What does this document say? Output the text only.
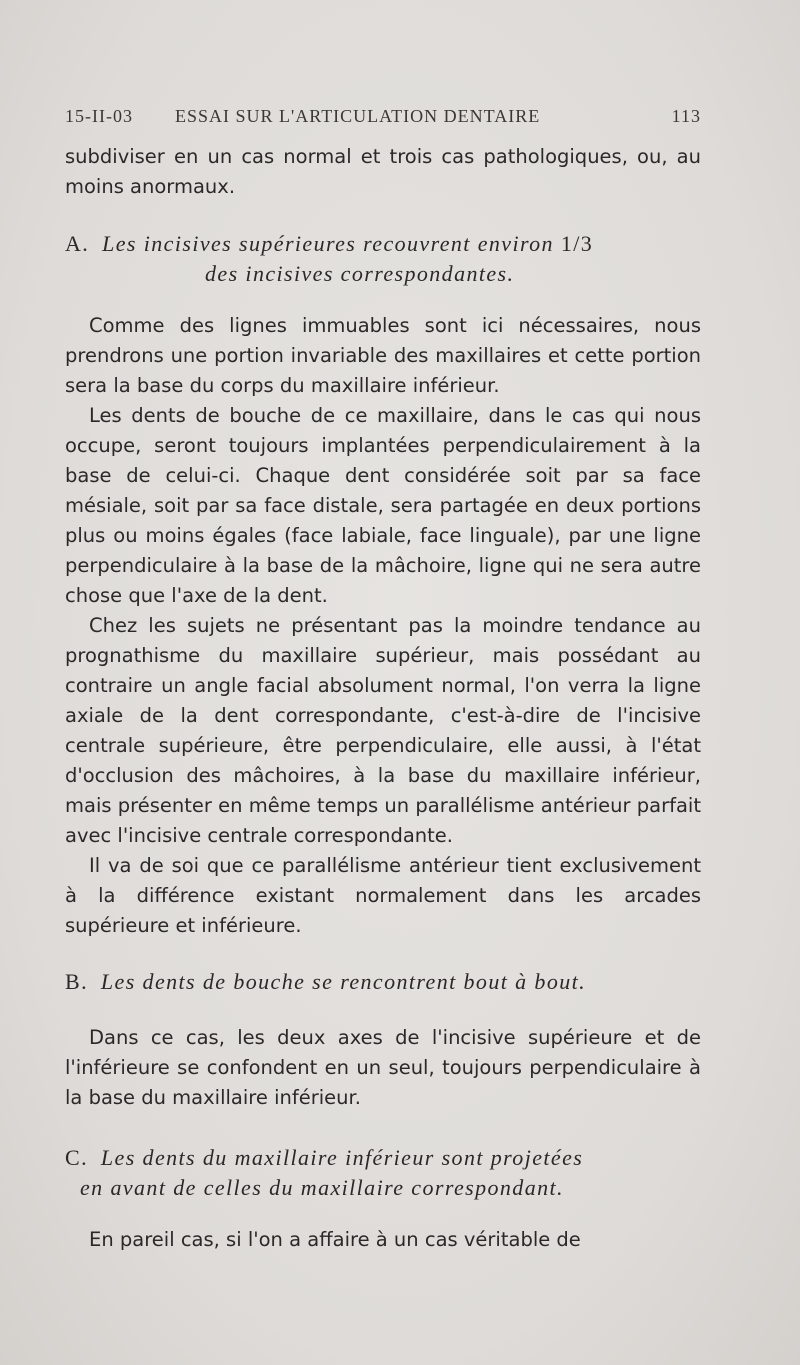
15-II-03 ESSAI SUR L'ARTICULATION DENTAIRE	113

subdiviser en un cas normal et trois cas pathologiques, ou, au moins anormaux.

A. Les incisives supérieures recouvrent environ 1/3
des incisives correspondantes.

Comme des lignes immuables sont ici nécessaires, nous prendrons une portion invariable des maxillaires et cette portion sera la base du corps du maxillaire inférieur.

Les dents de bouche de ce maxillaire, dans le cas qui nous occupe, seront toujours implantées perpendiculairement à la base de celui-ci. Chaque dent considérée soit par sa face mésiale, soit par sa face distale, sera partagée en deux portions plus ou moins égales (face labiale, face linguale), par une ligne perpendiculaire à la base de la mâchoire, ligne qui ne sera autre chose que l'axe de la dent.

Chez les sujets ne présentant pas la moindre tendance au prognathisme du maxillaire supérieur, mais possédant au contraire un angle facial absolument normal, l'on verra la ligne axiale de la dent correspondante, c'est-à-dire de l'incisive centrale supérieure, être perpendiculaire, elle aussi, à l'état d'occlusion des mâchoires, à la base du maxillaire inférieur, mais présenter en même temps un parallélisme antérieur parfait avec l'incisive centrale correspondante.

Il va de soi que ce parallélisme antérieur tient exclusivement à la différence existant normalement dans les arcades supérieure et inférieure.

B. Les dents de bouche se rencontrent bout à bout.

Dans ce cas, les deux axes de l'incisive supérieure et de l'inférieure se confondent en un seul, toujours perpendiculaire à la base du maxillaire inférieur.

C. Les dents du maxillaire inférieur sont projetées
en avant de celles du maxillaire correspondant.

En pareil cas, si l'on a affaire à un cas véritable de
